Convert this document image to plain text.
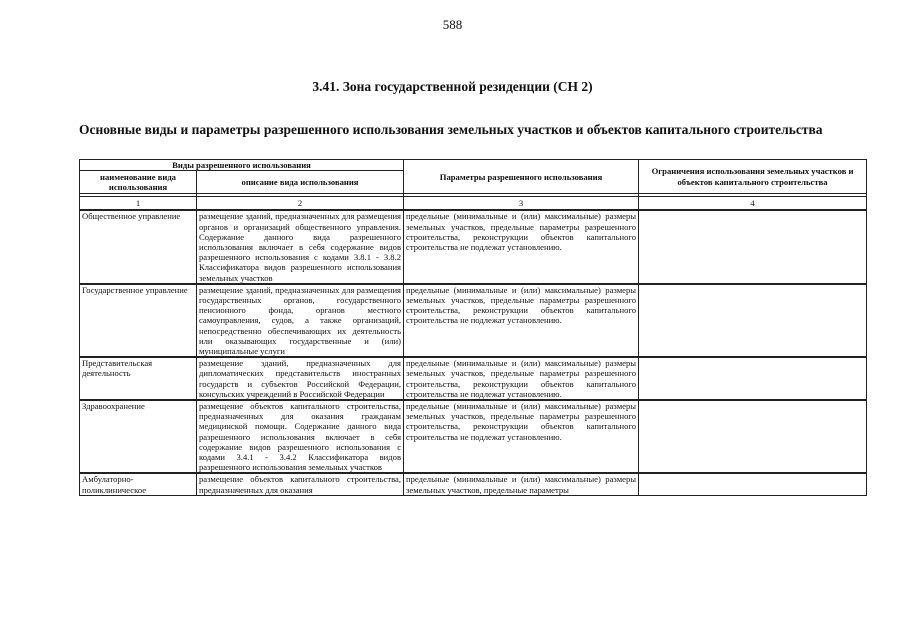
588
3.41. Зона государственной резиденции (СН 2)
Основные виды и параметры разрешенного использования земельных участков и объектов капитального строительства
Виды разрешенного использования		Параметры разрешенного использования	Ограничения использования земельных участков и объектов капитального строительства
наименование вида использования	описание вида использования		

1	2	3	4
Общественное управление	размещение зданий, предназначенных для размещения органов и организаций общественного управления. Содержание данного вида разрешенного использования включает в себя содержание видов разрешенного использования с кодами 3.8.1 - 3.8.2 Классификатора видов разрешенного использования земельных участков	предельные (минимальные и (или) максимальные) размеры земельных участков, предельные параметры разрешенного строительства, реконструкции объектов капитального строительства не подлежат установлению.	
Государственное управление	размещение зданий, предназначенных для размещения государственных органов, государственного пенсионного фонда, органов местного самоуправления, судов, а также организаций, непосредственно обеспечивающих их деятельность или оказывающих государственные и (или) муниципальные услуги	предельные (минимальные и (или) максимальные) размеры земельных участков, предельные параметры разрешенного строительства, реконструкции объектов капитального строительства не подлежат установлению.	
Представительская деятельность	размещение зданий, предназначенных для дипломатических представительств иностранных государств и субъектов Российской Федерации, консульских учреждений в Российской Федерации	предельные (минимальные и (или) максимальные) размеры земельных участков, предельные параметры разрешенного строительства, реконструкции объектов капитального строительства не подлежат установлению.	
Здравоохранение	размещение объектов капитального строительства, предназначенных для оказания гражданам медицинской помощи. Содержание данного вида разрешенного использования включает в себя содержание видов разрешенного использования с кодами 3.4.1 - 3.4.2 Классификатора видов разрешенного использования земельных участков	предельные (минимальные и (или) максимальные) размеры земельных участков, предельные параметры разрешенного строительства, реконструкции объектов капитального строительства не подлежат установлению.	
Амбулаторно-поликлиническое	размещение объектов капитального строительства, предназначенных для оказания	предельные (минимальные и (или) максимальные) размеры земельных участков, предельные параметры	
